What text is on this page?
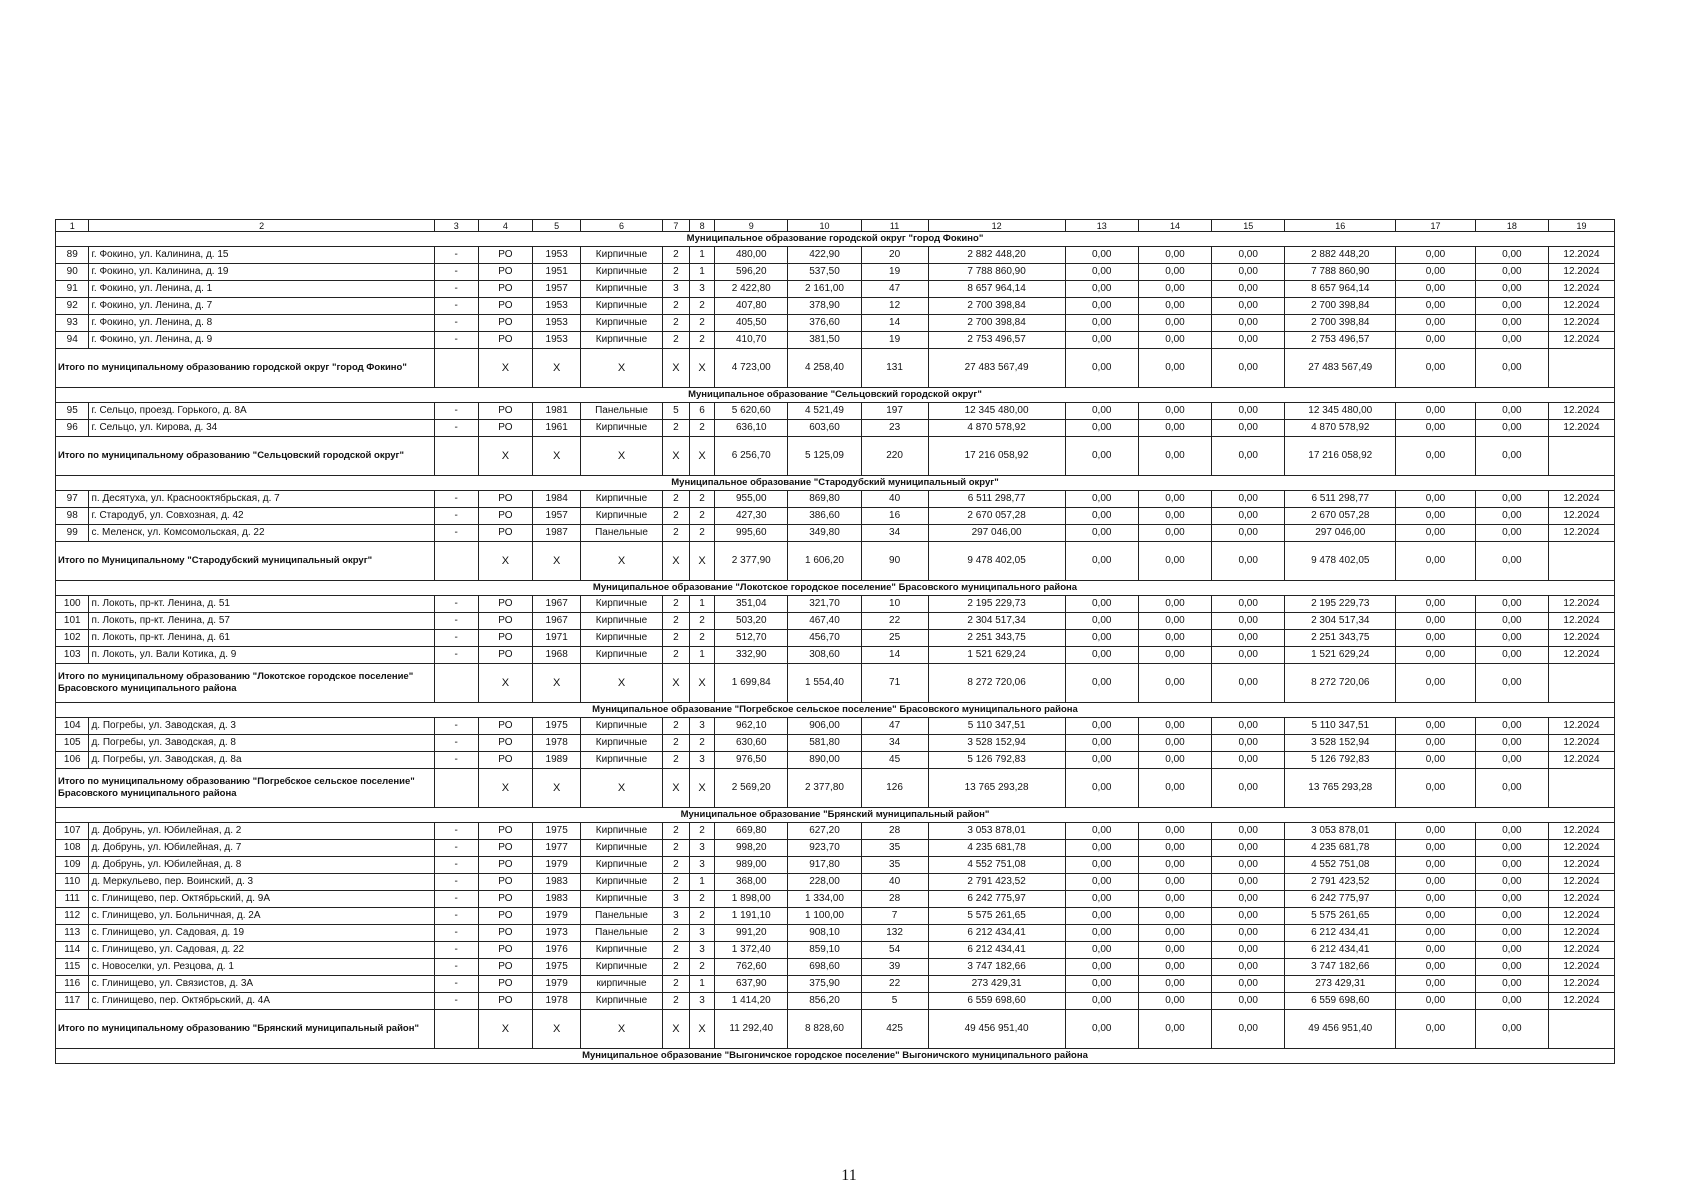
1	2	3	4	5	6	7	8	9	10	11	12	13	14	15	16	17	18	19
Муниципальное образование городской округ "город Фокино"																		
89	г. Фокино, ул. Калинина, д. 15	-	РО	1953	Кирпичные	2	1	480,00	422,90	20	2 882 448,20	0,00	0,00	0,00	2 882 448,20	0,00	0,00	12.2024
90	г. Фокино, ул. Калинина, д. 19	-	РО	1951	Кирпичные	2	1	596,20	537,50	19	7 788 860,90	0,00	0,00	0,00	7 788 860,90	0,00	0,00	12.2024
91	г. Фокино, ул. Ленина, д. 1	-	РО	1957	Кирпичные	3	3	2 422,80	2 161,00	47	8 657 964,14	0,00	0,00	0,00	8 657 964,14	0,00	0,00	12.2024
92	г. Фокино, ул. Ленина, д. 7	-	РО	1953	Кирпичные	2	2	407,80	378,90	12	2 700 398,84	0,00	0,00	0,00	2 700 398,84	0,00	0,00	12.2024
93	г. Фокино, ул. Ленина, д. 8	-	РО	1953	Кирпичные	2	2	405,50	376,60	14	2 700 398,84	0,00	0,00	0,00	2 700 398,84	0,00	0,00	12.2024
94	г. Фокино, ул. Ленина, д. 9	-	РО	1953	Кирпичные	2	2	410,70	381,50	19	2 753 496,57	0,00	0,00	0,00	2 753 496,57	0,00	0,00	12.2024
Итого по муниципальному образованию городской округ "город Фокино"			Х	Х	Х	Х	Х	4 723,00	4 258,40	131	27 483 567,49	0,00	0,00	0,00	27 483 567,49	0,00	0,00	
Муниципальное образование "Сельцовский городской округ"																		
95	г. Сельцо, проезд. Горького, д. 8А	-	РО	1981	Панельные	5	6	5 620,60	4 521,49	197	12 345 480,00	0,00	0,00	0,00	12 345 480,00	0,00	0,00	12.2024
96	г. Сельцо, ул. Кирова, д. 34	-	РО	1961	Кирпичные	2	2	636,10	603,60	23	4 870 578,92	0,00	0,00	0,00	4 870 578,92	0,00	0,00	12.2024
Итого по муниципальному образованию "Сельцовский городской округ"			Х	Х	Х	Х	Х	6 256,70	5 125,09	220	17 216 058,92	0,00	0,00	0,00	17 216 058,92	0,00	0,00	
Муниципальное образование "Стародубский муниципальный округ"																		
97	п. Десятуха, ул. Краснооктябрьская, д. 7	-	РО	1984	Кирпичные	2	2	955,00	869,80	40	6 511 298,77	0,00	0,00	0,00	6 511 298,77	0,00	0,00	12.2024
98	г. Стародуб, ул. Совхозная, д. 42	-	РО	1957	Кирпичные	2	2	427,30	386,60	16	2 670 057,28	0,00	0,00	0,00	2 670 057,28	0,00	0,00	12.2024
99	с. Меленск, ул. Комсомольская, д. 22	-	РО	1987	Панельные	2	2	995,60	349,80	34	297 046,00	0,00	0,00	0,00	297 046,00	0,00	0,00	12.2024
Итого по Муниципальному "Стародубский муниципальный округ"			Х	Х	Х	Х	Х	2 377,90	1 606,20	90	9 478 402,05	0,00	0,00	0,00	9 478 402,05	0,00	0,00	
Муниципальное образование "Локотское городское поселение" Брасовского муниципального района																		
100	п. Локоть, пр-кт. Ленина, д. 51	-	РО	1967	Кирпичные	2	1	351,04	321,70	10	2 195 229,73	0,00	0,00	0,00	2 195 229,73	0,00	0,00	12.2024
101	п. Локоть, пр-кт. Ленина, д. 57	-	РО	1967	Кирпичные	2	2	503,20	467,40	22	2 304 517,34	0,00	0,00	0,00	2 304 517,34	0,00	0,00	12.2024
102	п. Локоть, пр-кт. Ленина, д. 61	-	РО	1971	Кирпичные	2	2	512,70	456,70	25	2 251 343,75	0,00	0,00	0,00	2 251 343,75	0,00	0,00	12.2024
103	п. Локоть, ул. Вали Котика, д. 9	-	РО	1968	Кирпичные	2	1	332,90	308,60	14	1 521 629,24	0,00	0,00	0,00	1 521 629,24	0,00	0,00	12.2024
Итого по муниципальному образованию "Локотское городское поселение" Брасовского муниципального района			Х	Х	Х	Х	Х	1 699,84	1 554,40	71	8 272 720,06	0,00	0,00	0,00	8 272 720,06	0,00	0,00	
Муниципальное образование "Погребское сельское поселение" Брасовского муниципального района																		
104	д. Погребы, ул. Заводская, д. 3	-	РО	1975	Кирпичные	2	3	962,10	906,00	47	5 110 347,51	0,00	0,00	0,00	5 110 347,51	0,00	0,00	12.2024
105	д. Погребы, ул. Заводская, д. 8	-	РО	1978	Кирпичные	2	2	630,60	581,80	34	3 528 152,94	0,00	0,00	0,00	3 528 152,94	0,00	0,00	12.2024
106	д. Погребы, ул. Заводская, д. 8а	-	РО	1989	Кирпичные	2	3	976,50	890,00	45	5 126 792,83	0,00	0,00	0,00	5 126 792,83	0,00	0,00	12.2024
Итого по муниципальному образованию "Погребское сельское поселение" Брасовского муниципального района			Х	Х	Х	Х	Х	2 569,20	2 377,80	126	13 765 293,28	0,00	0,00	0,00	13 765 293,28	0,00	0,00	
Муниципальное образование "Брянский муниципальный район"																		
107	д. Добрунь, ул. Юбилейная, д. 2	-	РО	1975	Кирпичные	2	2	669,80	627,20	28	3 053 878,01	0,00	0,00	0,00	3 053 878,01	0,00	0,00	12.2024
108	д. Добрунь, ул. Юбилейная, д. 7	-	РО	1977	Кирпичные	2	3	998,20	923,70	35	4 235 681,78	0,00	0,00	0,00	4 235 681,78	0,00	0,00	12.2024
109	д. Добрунь, ул. Юбилейная, д. 8	-	РО	1979	Кирпичные	2	3	989,00	917,80	35	4 552 751,08	0,00	0,00	0,00	4 552 751,08	0,00	0,00	12.2024
110	д. Меркульево, пер. Воинский, д. 3	-	РО	1983	Кирпичные	2	1	368,00	228,00	40	2 791 423,52	0,00	0,00	0,00	2 791 423,52	0,00	0,00	12.2024
111	с. Глинищево, пер. Октябрьский, д. 9А	-	РО	1983	Кирпичные	3	2	1 898,00	1 334,00	28	6 242 775,97	0,00	0,00	0,00	6 242 775,97	0,00	0,00	12.2024
112	с. Глинищево, ул. Больничная, д. 2А	-	РО	1979	Панельные	3	2	1 191,10	1 100,00	7	5 575 261,65	0,00	0,00	0,00	5 575 261,65	0,00	0,00	12.2024
113	с. Глинищево, ул. Садовая, д. 19	-	РО	1973	Панельные	2	3	991,20	908,10	132	6 212 434,41	0,00	0,00	0,00	6 212 434,41	0,00	0,00	12.2024
114	с. Глинищево, ул. Садовая, д. 22	-	РО	1976	Кирпичные	2	3	1 372,40	859,10	54	6 212 434,41	0,00	0,00	0,00	6 212 434,41	0,00	0,00	12.2024
115	с. Новоселки, ул. Резцова, д. 1	-	РО	1975	Кирпичные	2	2	762,60	698,60	39	3 747 182,66	0,00	0,00	0,00	3 747 182,66	0,00	0,00	12.2024
116	с. Глинищево, ул. Связистов, д. 3А	-	РО	1979	кирпичные	2	1	637,90	375,90	22	273 429,31	0,00	0,00	0,00	273 429,31	0,00	0,00	12.2024
117	с. Глинищево, пер. Октябрьский, д. 4А	-	РО	1978	Кирпичные	2	3	1 414,20	856,20	5	6 559 698,60	0,00	0,00	0,00	6 559 698,60	0,00	0,00	12.2024
Итого по муниципальному образованию "Брянский муниципальный район"			Х	Х	Х	Х	Х	11 292,40	8 828,60	425	49 456 951,40	0,00	0,00	0,00	49 456 951,40	0,00	0,00	
Муниципальное образование "Выгоничское городское поселение" Выгоничского муниципального района																		
11
